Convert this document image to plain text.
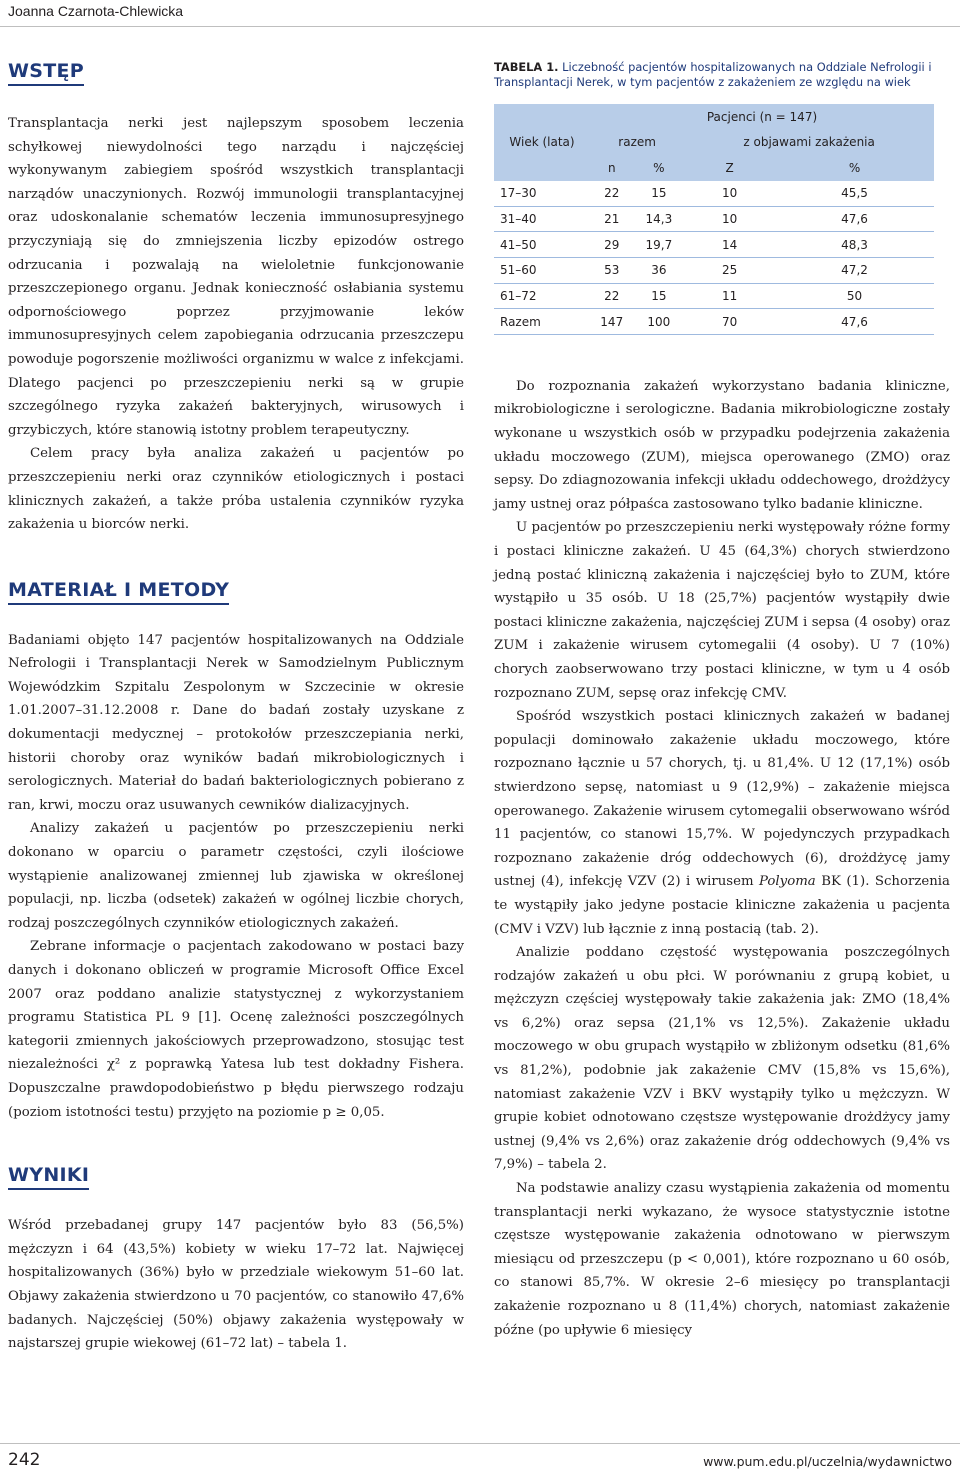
Joanna Czarnota-Chlewicka
WSTĘP

Transplantacja nerki jest najlepszym sposobem leczenia schyłkowej niewydolności tego narządu i najczęściej wykonywanym zabiegiem spośród wszystkich transplantacji narządów unaczynionych. Rozwój immunologii transplantacyjnej oraz udoskonalanie schematów leczenia immunosupresyjnego przyczyniają się do zmniejszenia liczby epizodów ostrego odrzucania i pozwalają na wieloletnie funkcjonowanie przeszczepionego organu. Jednak konieczność osłabiania systemu odpornościowego poprzez przyjmowanie leków immunosupresyjnych celem zapobiegania odrzucania przeszczepu powoduje pogorszenie możliwości organizmu w walce z infekcjami. Dlatego pacjenci po przeszczepieniu nerki są w grupie szczególnego ryzyka zakażeń bakteryjnych, wirusowych i grzybiczych, które stanowią istotny problem terapeutyczny.

Celem pracy była analiza zakażeń u pacjentów po przeszczepieniu nerki oraz czynników etiologicznych i postaci klinicznych zakażeń, a także próba ustalenia czynników ryzyka zakażenia u biorców nerki.

MATERIAŁ I METODY

Badaniami objęto 147 pacjentów hospitalizowanych na Oddziale Nefrologii i Transplantacji Nerek w Samodzielnym Publicznym Wojewódzkim Szpitalu Zespolonym w Szczecinie w okresie 1.01.2007–31.12.2008 r. Dane do badań zostały uzyskane z dokumentacji medycznej – protokołów przeszczepiania nerki, historii choroby oraz wyników badań mikrobiologicznych i serologicznych. Materiał do badań bakteriologicznych pobierano z ran, krwi, moczu oraz usuwanych cewników dializacyjnych.

Analizy zakażeń u pacjentów po przeszczepieniu nerki dokonano w oparciu o parametr częstości, czyli ilościowe wystąpienie analizowanej zmiennej lub zjawiska w określonej populacji, np. liczba (odsetek) zakażeń w ogólnej liczbie chorych, rodzaj poszczególnych czynników etiologicznych zakażeń.

Zebrane informacje o pacjentach zakodowano w postaci bazy danych i dokonano obliczeń w programie Microsoft Office Excel 2007 oraz poddano analizie statystycznej z wykorzystaniem programu Statistica PL 9 [1]. Ocenę zależności poszczególnych kategorii zmiennych jakościowych przeprowadzono, stosując test niezależności χ² z poprawką Yatesa lub test dokładny Fishera. Dopuszczalne prawdopodobieństwo p błędu pierwszego rodzaju (poziom istotności testu) przyjęto na poziomie p ≥ 0,05.

WYNIKI

Wśród przebadanej grupy 147 pacjentów było 83 (56,5%) mężczyzn i 64 (43,5%) kobiety w wieku 17–72 lat. Najwięcej hospitalizowanych (36%) było w przedziale wiekowym 51–60 lat. Objawy zakażenia stwierdzono u 70 pacjentów, co stanowiło 47,6% badanych. Najczęściej (50%) objawy zakażenia występowały w najstarszej grupie wiekowej (61–72 lat) – tabela 1.

TABELA 1. Liczebność pacjentów hospitalizowanych na Oddziale Nefrologii i Transplantacji Nerek, w tym pacjentów z zakażeniem ze względu na wiek
Wiek (lata)	Pacjenci (n = 147)			
	razem		z objawami zakażenia	
	n	%	Z	%
17–30	22	15	10	45,5
31–40	21	14,3	10	47,6
41–50	29	19,7	14	48,3
51–60	53	36	25	47,2
61–72	22	15	11	50
Razem	147	100	70	47,6

Do rozpoznania zakażeń wykorzystano badania kliniczne, mikrobiologiczne i serologiczne. Badania mikrobiologiczne zostały wykonane u wszystkich osób w przypadku podejrzenia zakażenia układu moczowego (ZUM), miejsca operowanego (ZMO) oraz sepsy. Do zdiagnozowania infekcji układu oddechowego, drożdżycy jamy ustnej oraz półpaśca zastosowano tylko badanie kliniczne.

U pacjentów po przeszczepieniu nerki występowały różne formy i postaci kliniczne zakażeń. U 45 (64,3%) chorych stwierdzono jedną postać kliniczną zakażenia i najczęściej było to ZUM, które wystąpiło u 35 osób. U 18 (25,7%) pacjentów wystąpiły dwie postaci kliniczne zakażenia, najczęściej ZUM i sepsa (4 osoby) oraz ZUM i zakażenie wirusem cytomegalii (4 osoby). U 7 (10%) chorych zaobserwowano trzy postaci kliniczne, w tym u 4 osób rozpoznano ZUM, sepsę oraz infekcję CMV.

Spośród wszystkich postaci klinicznych zakażeń w badanej populacji dominowało zakażenie układu moczowego, które rozpoznano łącznie u 57 chorych, tj. u 81,4%. U 12 (17,1%) osób stwierdzono sepsę, natomiast u 9 (12,9%) – zakażenie miejsca operowanego. Zakażenie wirusem cytomegalii obserwowano wśród 11 pacjentów, co stanowi 15,7%. W pojedynczych przypadkach rozpoznano zakażenie dróg oddechowych (6), drożdżycę jamy ustnej (4), infekcję VZV (2) i wirusem Polyoma BK (1). Schorzenia te wystąpiły jako jedyne postacie kliniczne zakażenia u pacjenta (CMV i VZV) lub łącznie z inną postacią (tab. 2).

Analizie poddano częstość występowania poszczególnych rodzajów zakażeń u obu płci. W porównaniu z grupą kobiet, u mężczyzn częściej występowały takie zakażenia jak: ZMO (18,4% vs 6,2%) oraz sepsa (21,1% vs 12,5%). Zakażenie układu moczowego w obu grupach wystąpiło w zbliżonym odsetku (81,6% vs 81,2%), podobnie jak zakażenie CMV (15,8% vs 15,6%), natomiast zakażenie VZV i BKV wystąpiły tylko u mężczyzn. W grupie kobiet odnotowano częstsze występowanie drożdżycy jamy ustnej (9,4% vs 2,6%) oraz zakażenie dróg oddechowych (9,4% vs 7,9%) – tabela 2.

Na podstawie analizy czasu wystąpienia zakażenia od momentu transplantacji nerki wykazano, że wysoce statystycznie istotne częstsze występowanie zakażenia odnotowano w pierwszym miesiącu od przeszczepu (p < 0,001), które rozpoznano u 60 osób, co stanowi 85,7%. W okresie 2–6 miesięcy po transplantacji zakażenie rozpoznano u 8 (11,4%) chorych, natomiast zakażenie późne (po upływie 6 miesięcy

242	www.pum.edu.pl/uczelnia/wydawnictwo
